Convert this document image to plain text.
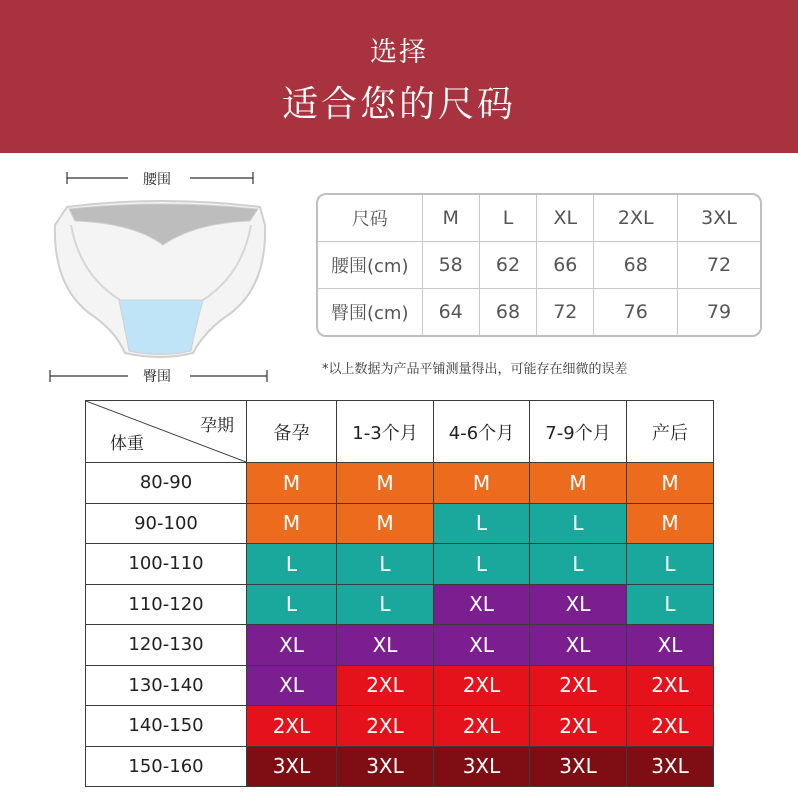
选择
适合您的尺码
腰围
臀围
尺码	M	L	XL	2XL	3XL
腰围(cm)	58	62	66	68	72
臀围(cm)	64	68	72	76	79
*以上数据为产品平铺测量得出，可能存在细微的误差
孕期
体重	备孕	1-3个月	4-6个月	7-9个月	产后
80-90	M	M	M	M	M
90-100	M	M	L	L	M
100-110	L	L	L	L	L
110-120	L	L	XL	XL	L
120-130	XL	XL	XL	XL	XL
130-140	XL	2XL	2XL	2XL	2XL
140-150	2XL	2XL	2XL	2XL	2XL
150-160	3XL	3XL	3XL	3XL	3XL
